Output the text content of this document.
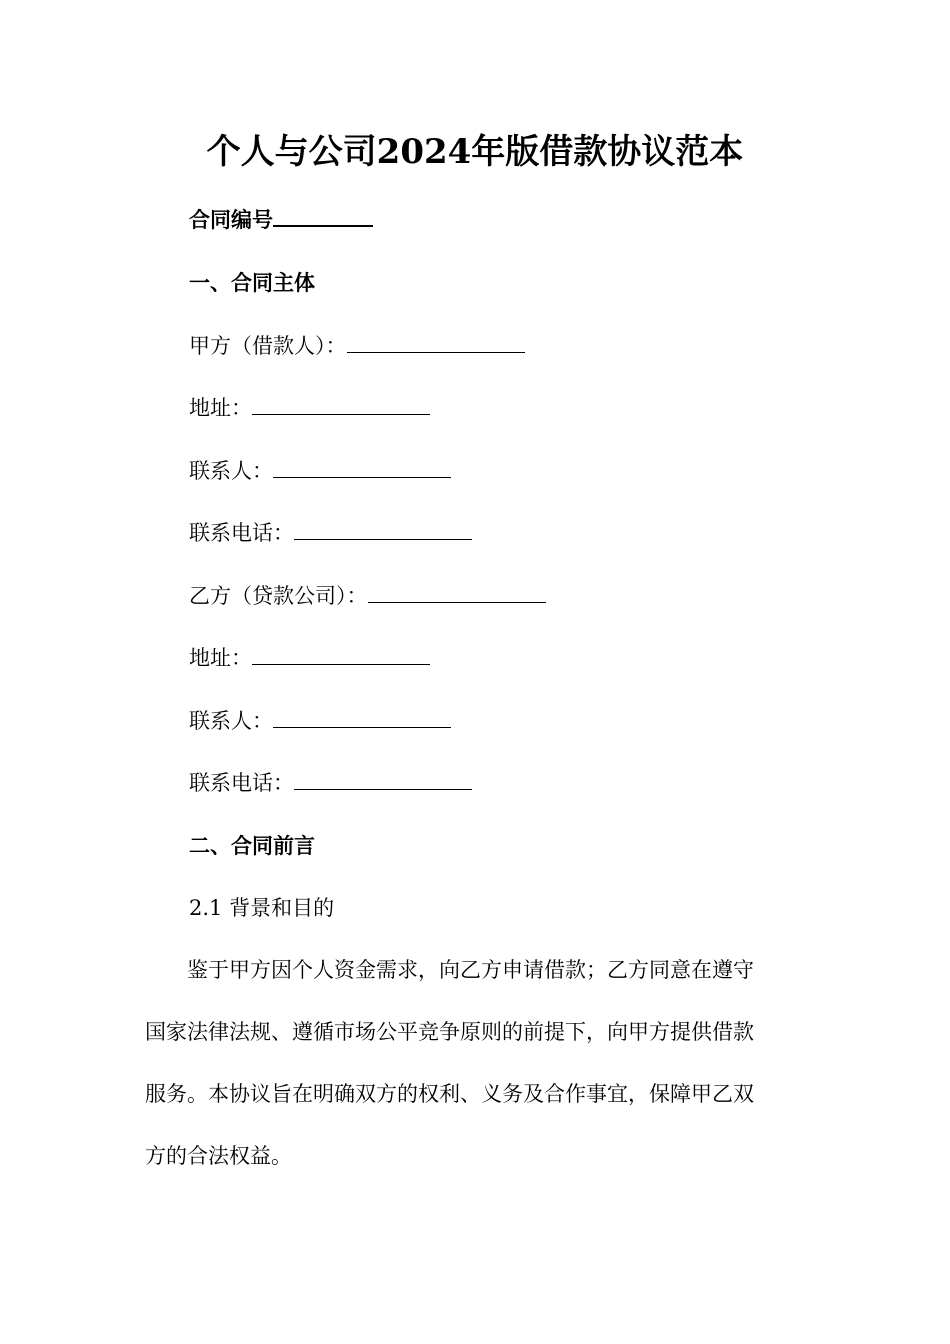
个人与公司2024年版借款协议范本
合同编号
一、合同主体
甲方（借款人）：
地址：
联系人：
联系电话：
乙方（贷款公司）：
地址：
联系人：
联系电话：
二、合同前言
2.1 背景和目的
　　鉴于甲方因个人资金需求，向乙方申请借款；乙方同意在遵守
国家法律法规、遵循市场公平竞争原则的前提下，向甲方提供借款
服务。本协议旨在明确双方的权利、义务及合作事宜，保障甲乙双
方的合法权益。
